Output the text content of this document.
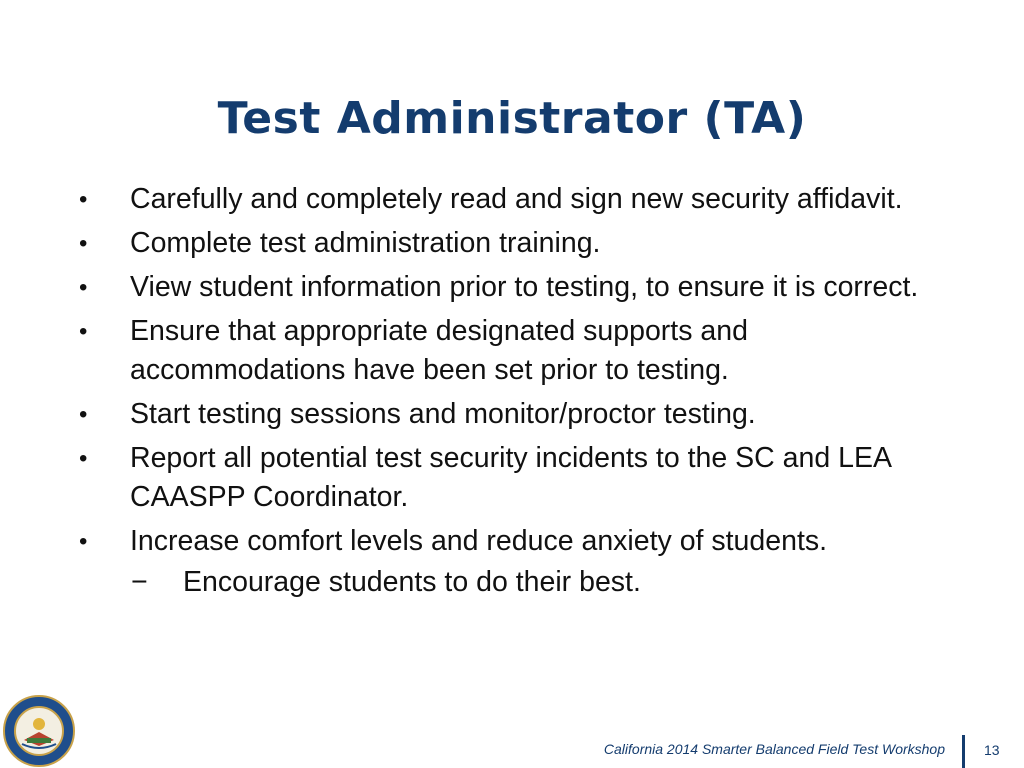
Test Administrator (TA)
• Carefully and completely read and sign new security affidavit.
• Complete test administration training.
• View student information prior to testing, to ensure it is correct.
• Ensure that appropriate designated supports and accommodations have been set prior to testing.
• Start testing sessions and monitor/proctor testing.
• Report all potential test security incidents to the SC and LEA CAASPP Coordinator.
• Increase comfort levels and reduce anxiety of students.
− Encourage students to do their best.
California 2014 Smarter Balanced Field Test Workshop	13
